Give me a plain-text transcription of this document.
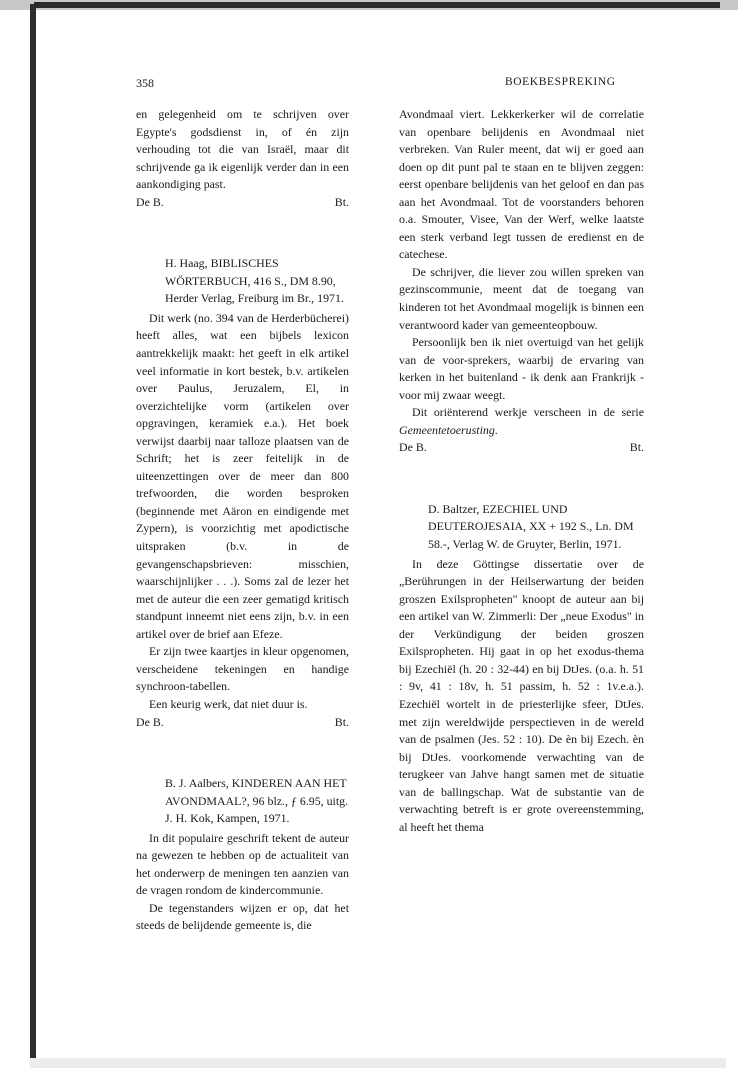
358	BOEKBESPREKING

en gelegenheid om te schrijven over Egypte's godsdienst in, of én zijn verhouding tot die van Israël, maar dit schrijvende ga ik eigenlijk verder dan in een aankondiging past.

De B.	Bt.

H. Haag, BIBLISCHES WÖRTERBUCH, 416 S., DM 8.90, Herder Verlag, Freiburg im Br., 1971.

Dit werk (no. 394 van de Herderbücherei) heeft alles, wat een bijbels lexicon aantrekkelijk maakt: het geeft in elk artikel veel informatie in kort bestek, b.v. artikelen over Paulus, Jeruzalem, El, in overzichtelijke vorm (artikelen over opgravingen, keramiek e.a.). Het boek verwijst daarbij naar talloze plaatsen van de Schrift; het is zeer feitelijk in de uiteenzettingen over de meer dan 800 trefwoorden, die worden besproken (beginnende met Aäron en eindigende met Zypern), is voorzichtig met apodictische uitspraken (b.v. in de gevangenschapsbrieven: misschien, waarschijnlijker . . .). Soms zal de lezer het met de auteur die een zeer gematigd kritisch standpunt inneemt niet eens zijn, b.v. in een artikel over de brief aan Efeze.

Er zijn twee kaartjes in kleur opgenomen, verscheidene tekeningen en handige synchroon-tabellen.

Een keurig werk, dat niet duur is.

De B.	Bt.

B. J. Aalbers, KINDEREN AAN HET AVONDMAAL?, 96 blz., ƒ 6.95, uitg. J. H. Kok, Kampen, 1971.

In dit populaire geschrift tekent de auteur na gewezen te hebben op de actualiteit van het onderwerp de meningen ten aanzien van de vragen rondom de kindercommunie.

De tegenstanders wijzen er op, dat het steeds de belijdende gemeente is, die

Avondmaal viert. Lekkerkerker wil de correlatie van openbare belijdenis en Avondmaal niet verbreken. Van Ruler meent, dat wij er goed aan doen op dit punt pal te staan en te blijven zeggen: eerst openbare belijdenis van het geloof en dan pas aan het Avondmaal. Tot de voorstanders behoren o.a. Smouter, Visee, Van der Werf, welke laatste een sterk verband legt tussen de eredienst en de catechese.

De schrijver, die liever zou willen spreken van gezinscommunie, meent dat de toegang van kinderen tot het Avondmaal mogelijk is binnen een verantwoord kader van gemeenteopbouw.

Persoonlijk ben ik niet overtuigd van het gelijk van de voor-sprekers, waarbij de ervaring van kerken in het buitenland - ik denk aan Frankrijk - voor mij zwaar weegt.

Dit oriënterend werkje verscheen in de serie Gemeentetoerusting.

De B.	Bt.

D. Baltzer, EZECHIEL UND DEUTEROJESAIA, XX + 192 S., Ln. DM 58.-, Verlag W. de Gruyter, Berlin, 1971.

In deze Göttingse dissertatie over de „Berührungen in der Heilserwartung der beiden groszen Exilspropheten" knoopt de auteur aan bij een artikel van W. Zimmerli: Der „neue Exodus" in der Verkündigung der beiden groszen Exilspropheten. Hij gaat in op het exodus-thema bij Ezechiël (h. 20 : 32-44) en bij DtJes. (o.a. h. 51 : 9v, 41 : 18v, h. 51 passim, h. 52 : 1v.e.a.). Ezechiël wortelt in de priesterlijke sfeer, DtJes. met zijn wereldwijde perspectieven in de wereld van de psalmen (Jes. 52 : 10). De èn bij Ezech. èn bij DtJes. voorkomende verwachting van de terugkeer van Jahve hangt samen met de situatie van de ballingschap. Wat de substantie van de verwachting betreft is er grote overeenstemming, al heeft het thema
